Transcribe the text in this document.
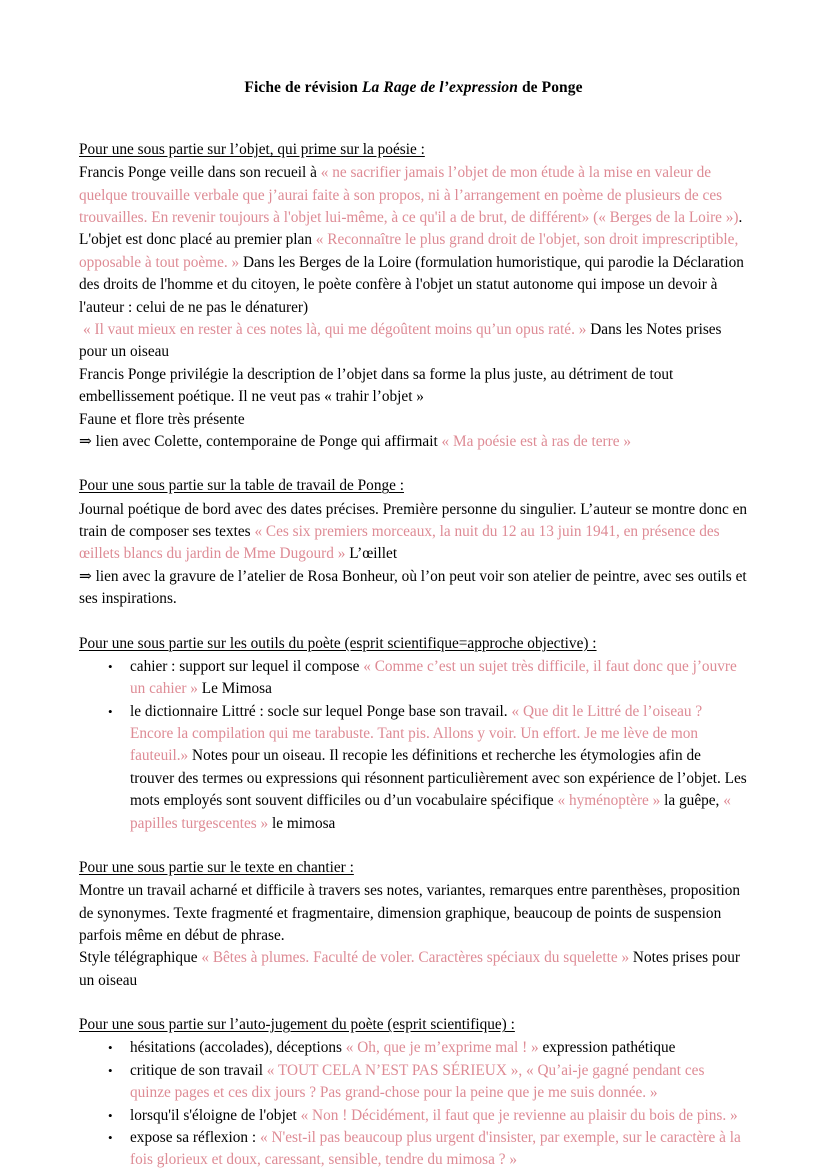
Fiche de révision La Rage de l’expression de Ponge
Pour une sous partie sur l’objet, qui prime sur la poésie :

Francis Ponge veille dans son recueil à « ne sacrifier jamais l’objet de mon étude à la mise en valeur de quelque trouvaille verbale que j’aurai faite à son propos, ni à l’arrangement en poème de plusieurs de ces trouvailles. En revenir toujours à l'objet lui-même, à ce qu'il a de brut, de différent» (« Berges de la Loire »). L'objet est donc placé au premier plan « Reconnaître le plus grand droit de l'objet, son droit imprescriptible, opposable à tout poème. » Dans les Berges de la Loire (formulation humoristique, qui parodie la Déclaration des droits de l'homme et du citoyen, le poète confère à l'objet un statut autonome qui impose un devoir à l'auteur : celui de ne pas le dénaturer)

« Il vaut mieux en rester à ces notes là, qui me dégoûtent moins qu’un opus raté. » Dans les Notes prises pour un oiseau

Francis Ponge privilégie la description de l’objet dans sa forme la plus juste, au détriment de tout embellissement poétique. Il ne veut pas « trahir l’objet »

Faune et flore très présente

⇒ lien avec Colette, contemporaine de Ponge qui affirmait « Ma poésie est à ras de terre »

Pour une sous partie sur la table de travail de Ponge :

Journal poétique de bord avec des dates précises. Première personne du singulier. L’auteur se montre donc en train de composer ses textes « Ces six premiers morceaux, la nuit du 12 au 13 juin 1941, en présence des œillets blancs du jardin de Mme Dugourd » L’œillet

⇒ lien avec la gravure de l’atelier de Rosa Bonheur, où l’on peut voir son atelier de peintre, avec ses outils et ses inspirations.

Pour une sous partie sur les outils du poète (esprit scientifique=approche objective) :
• cahier : support sur lequel il compose « Comme c’est un sujet très difficile, il faut donc que j’ouvre un cahier » Le Mimosa
• le dictionnaire Littré : socle sur lequel Ponge base son travail. « Que dit le Littré de l’oiseau ? Encore la compilation qui me tarabuste. Tant pis. Allons y voir. Un effort. Je me lève de mon fauteuil.» Notes pour un oiseau. Il recopie les définitions et recherche les étymologies afin de trouver des termes ou expressions qui résonnent particulièrement avec son expérience de l’objet. Les mots employés sont souvent difficiles ou d’un vocabulaire spécifique « hyménoptère » la guêpe, « papilles turgescentes » le mimosa
Pour une sous partie sur le texte en chantier :

Montre un travail acharné et difficile à travers ses notes, variantes, remarques entre parenthèses, proposition de synonymes. Texte fragmenté et fragmentaire, dimension graphique, beaucoup de points de suspension parfois même en début de phrase.

Style télégraphique « Bêtes à plumes. Faculté de voler. Caractères spéciaux du squelette » Notes prises pour un oiseau

Pour une sous partie sur l’auto-jugement du poète (esprit scientifique) :
• hésitations (accolades), déceptions « Oh, que je m’exprime mal ! » expression pathétique
• critique de son travail « TOUT CELA N’EST PAS SÉRIEUX », « Qu’ai-je gagné pendant ces quinze pages et ces dix jours ? Pas grand-chose pour la peine que je me suis donnée. »
• lorsqu'il s'éloigne de l'objet « Non ! Décidément, il faut que je revienne au plaisir du bois de pins. »
• expose sa réflexion : « N'est-il pas beaucoup plus urgent d'insister, par exemple, sur le caractère à la fois glorieux et doux, caressant, sensible, tendre du mimosa ? »
